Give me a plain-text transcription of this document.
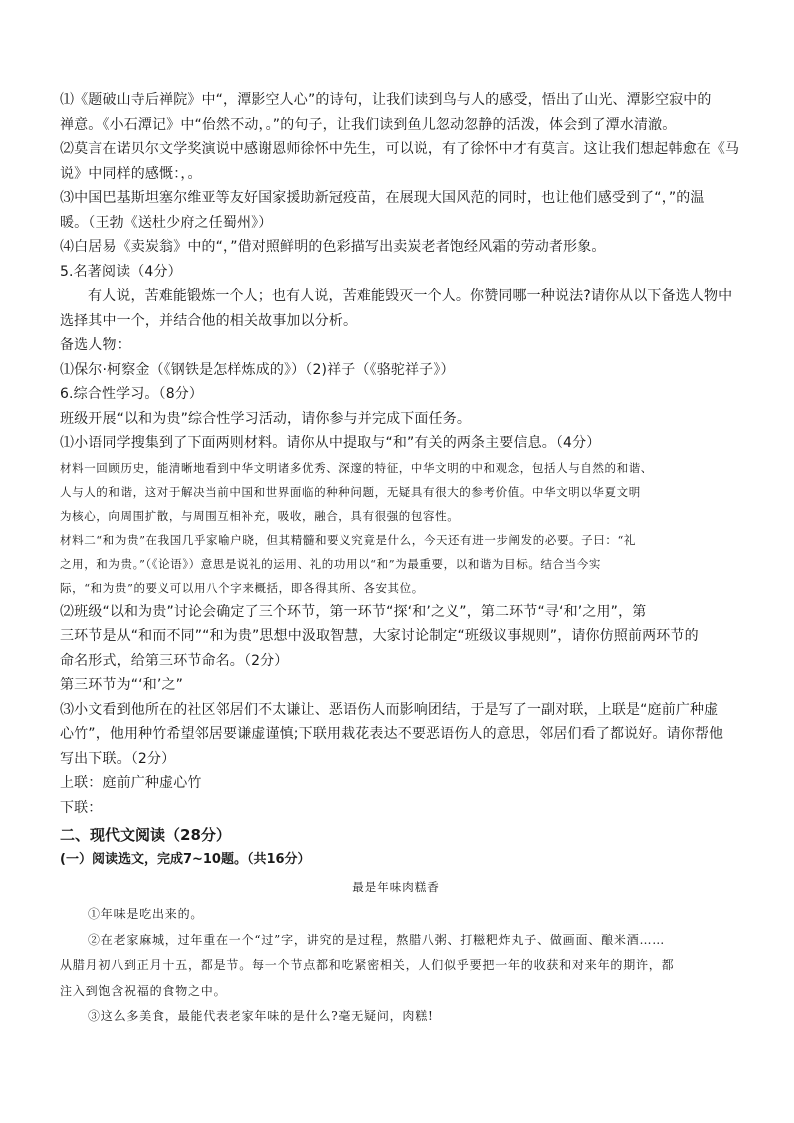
⑴《题破山寺后禅院》中“，潭影空人心”的诗句，让我们读到鸟与人的感受，悟出了山光、潭影空寂中的
禅意。《小石潭记》中“佁然不动，。”的句子，让我们读到鱼儿忽动忽静的活泼，体会到了潭水清澈。
⑵莫言在诺贝尔文学奖演说中感谢恩师徐怀中先生，可以说，有了徐怀中才有莫言。这让我们想起韩愈在《马
说》中同样的感慨：，。
⑶中国巴基斯坦塞尔维亚等友好国家援助新冠疫苗，在展现大国风范的同时，也让他们感受到了“，”的温
暖。（王勃《送杜少府之任蜀州》）
⑷白居易《卖炭翁》中的“，”借对照鲜明的色彩描写出卖炭老者饱经风霜的劳动者形象。
5.名著阅读（4分）
有人说，苦难能锻炼一个人；也有人说，苦难能毁灭一个人。你赞同哪一种说法?请你从以下备选人物中
选择其中一个，并结合他的相关故事加以分析。
备选人物：
⑴保尔·柯察金（《钢铁是怎样炼成的》）（2)祥子（《骆驼祥子》）
6.综合性学习。（8分）
班级开展“以和为贵”综合性学习活动，请你参与并完成下面任务。
⑴小语同学搜集到了下面两则材料。请你从中提取与“和”有关的两条主要信息。（4分）
材料一回顾历史，能清晰地看到中华文明诸多优秀、深邃的特征，中华文明的中和观念，包括人与自然的和谐、
人与人的和谐，这对于解决当前中国和世界面临的种种问题，无疑具有很大的参考价值。中华文明以华夏文明
为核心，向周围扩散，与周围互相补充，吸收，融合，具有很强的包容性。
材料二“和为贵”在我国几乎家喻户晓，但其精髓和要义究竟是什么，今天还有进一步阐发的必要。子曰：“礼
之用，和为贵。”（《论语》）意思是说礼的运用、礼的功用以“和”为最重要，以和谐为目标。结合当今实
际，“和为贵”的要义可以用八个字来概括，即各得其所、各安其位。
⑵班级“以和为贵”讨论会确定了三个环节，第一环节“探‘和’之义”，第二环节“寻‘和’之用”，第
三环节是从“和而不同”“和为贵”思想中汲取智慧，大家讨论制定“班级议事规则”，请你仿照前两环节的
命名形式，给第三环节命名。（2分）
第三环节为“‘和’之”
⑶小文看到他所在的社区邻居们不太谦让、恶语伤人而影响团结，于是写了一副对联，上联是“庭前广种虚
心竹”，他用种竹希望邻居要谦虚谨慎;下联用栽花表达不要恶语伤人的意思，邻居们看了都说好。请你帮他
写出下联。（2分）
上联：庭前广种虚心竹
下联：
二、现代文阅读（28分）
(一）阅读选文，完成7~10题。（共16分）
最是年味肉糕香
①年味是吃出来的。
②在老家麻城，过年重在一个“过”字，讲究的是过程，熬腊八粥、打糍粑炸丸子、做画面、酿米酒……
从腊月初八到正月十五，都是节。每一个节点都和吃紧密相关，人们似乎要把一年的收获和对来年的期许，都
注入到饱含祝福的食物之中。
③这么多美食，最能代表老家年味的是什么?毫无疑问，肉糕!
